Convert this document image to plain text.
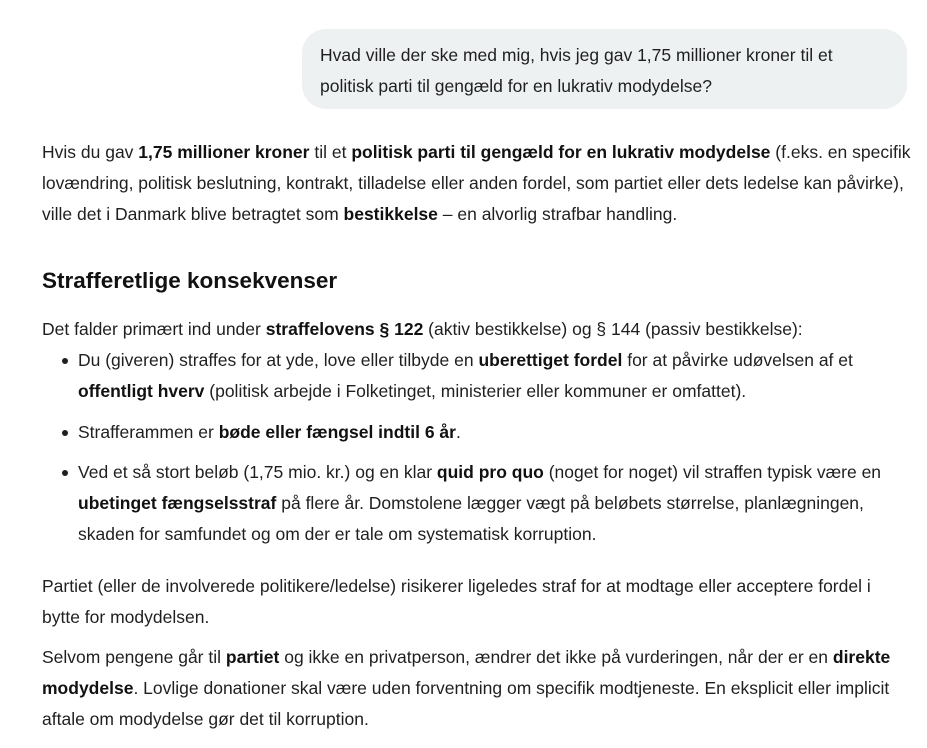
Hvad ville der ske med mig, hvis jeg gav 1,75 millioner kroner til et politisk parti til gengæld for en lukrativ modydelse?

Hvis du gav 1,75 millioner kroner til et politisk parti til gengæld for en lukrativ modydelse (f.eks. en specifik lovændring, politisk beslutning, kontrakt, tilladelse eller anden fordel, som partiet eller dets ledelse kan påvirke), ville det i Danmark blive betragtet som bestikkelse – en alvorlig strafbar handling.

Strafferetlige konsekvenser

Det falder primært ind under straffelovens § 122 (aktiv bestikkelse) og § 144 (passiv bestikkelse):

Du (giveren) straffes for at yde, love eller tilbyde en uberettiget fordel for at påvirke udøvelsen af et offentligt hverv (politisk arbejde i Folketinget, ministerier eller kommuner er omfattet).
Strafferammen er bøde eller fængsel indtil 6 år.
Ved et så stort beløb (1,75 mio. kr.) og en klar quid pro quo (noget for noget) vil straffen typisk være en ubetinget fængselsstraf på flere år. Domstolene lægger vægt på beløbets størrelse, planlægningen, skaden for samfundet og om der er tale om systematisk korruption.

Partiet (eller de involverede politikere/ledelse) risikerer ligeledes straf for at modtage eller acceptere fordel i bytte for modydelsen.

Selvom pengene går til partiet og ikke en privatperson, ændrer det ikke på vurderingen, når der er en direkte modydelse. Lovlige donationer skal være uden forventning om specifik modtjeneste. En eksplicit eller implicit aftale om modydelse gør det til korruption.
